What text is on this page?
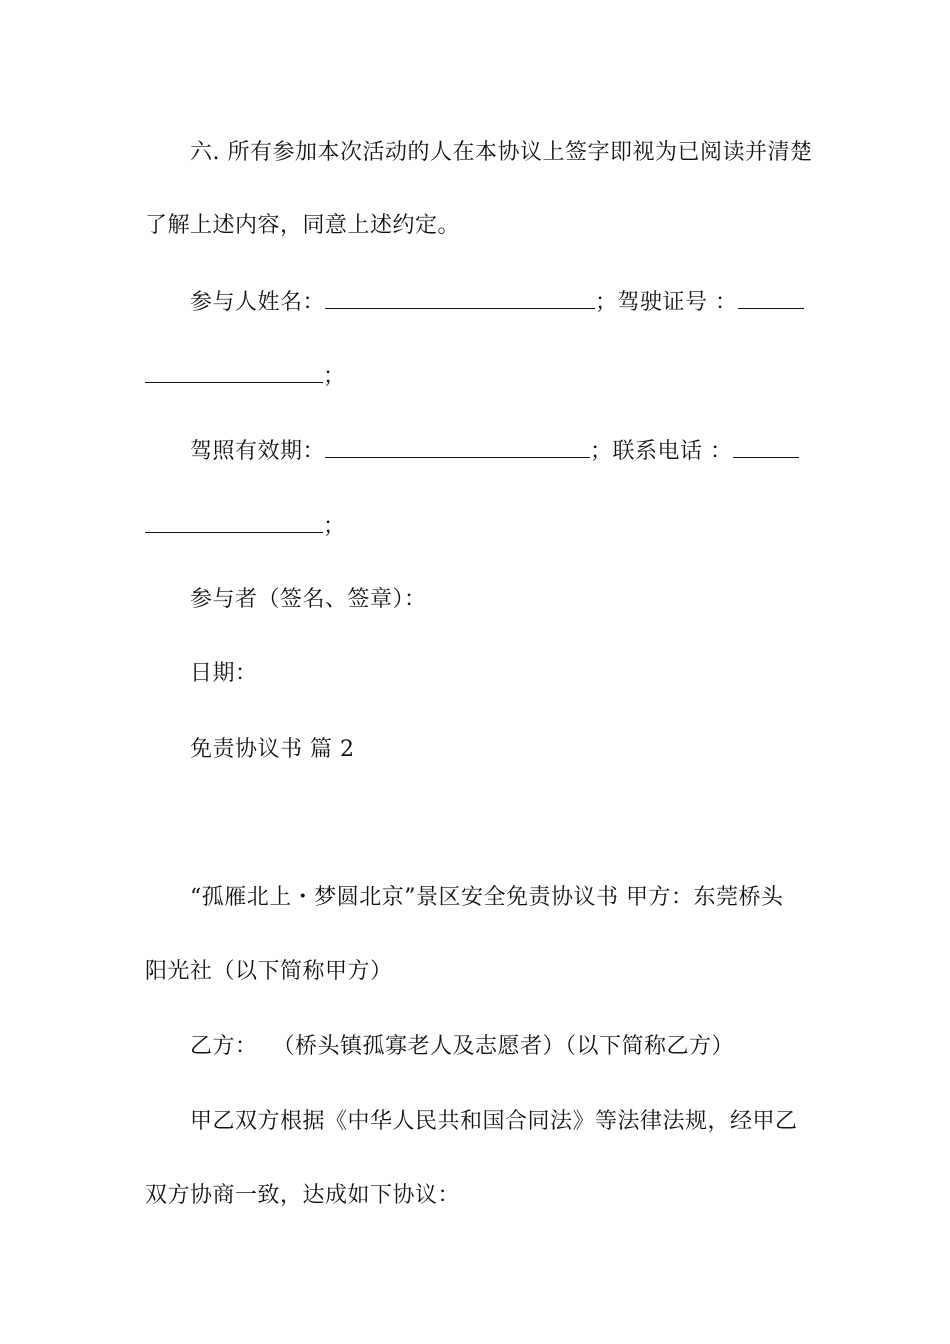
六. 所有参加本次活动的人在本协议上签字即视为已阅读并清楚
了解上述内容，同意上述约定。
参与人姓名：	；驾驶证号 ：
；
驾照有效期：	；联系电话 ：
；
参与者（签名、签章）：
日期：
免责协议书 篇 2
“孤雁北上・梦圆北京”景区安全免责协议书 甲方：东莞桥头
阳光社（以下简称甲方）
乙方：  （桥头镇孤寡老人及志愿者）（以下简称乙方）
甲乙双方根据《中华人民共和国合同法》等法律法规，经甲乙
双方协商一致，达成如下协议：
